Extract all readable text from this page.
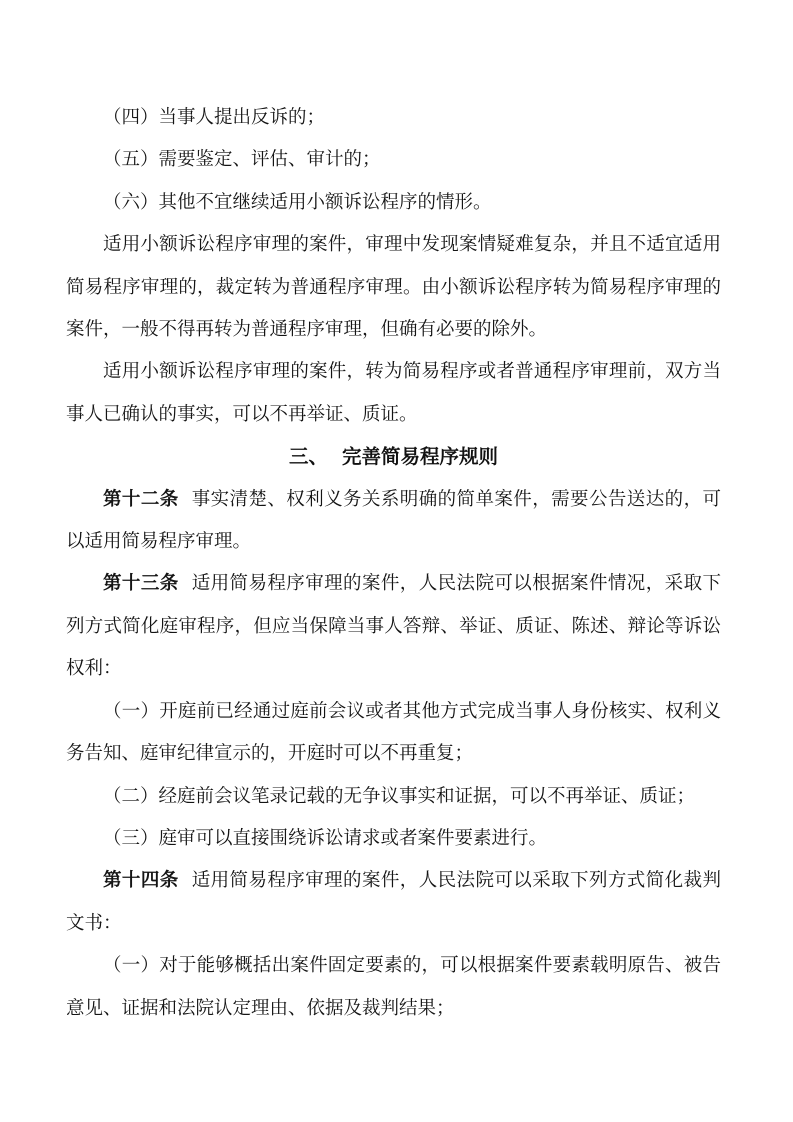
（四）当事人提出反诉的；
（五）需要鉴定、评估、审计的；
（六）其他不宜继续适用小额诉讼程序的情形。
适用小额诉讼程序审理的案件，审理中发现案情疑难复杂，并且不适宜适用
简易程序审理的，裁定转为普通程序审理。由小额诉讼程序转为简易程序审理的
案件，一般不得再转为普通程序审理，但确有必要的除外。
适用小额诉讼程序审理的案件，转为简易程序或者普通程序审理前，双方当
事人已确认的事实，可以不再举证、质证。
三、 完善简易程序规则
第十二条 事实清楚、权利义务关系明确的简单案件，需要公告送达的，可
以适用简易程序审理。
第十三条 适用简易程序审理的案件，人民法院可以根据案件情况，采取下
列方式简化庭审程序，但应当保障当事人答辩、举证、质证、陈述、辩论等诉讼
权利：
（一）开庭前已经通过庭前会议或者其他方式完成当事人身份核实、权利义
务告知、庭审纪律宣示的，开庭时可以不再重复；
（二）经庭前会议笔录记载的无争议事实和证据，可以不再举证、质证；
（三）庭审可以直接围绕诉讼请求或者案件要素进行。
第十四条 适用简易程序审理的案件，人民法院可以采取下列方式简化裁判
文书：
（一）对于能够概括出案件固定要素的，可以根据案件要素载明原告、被告
意见、证据和法院认定理由、依据及裁判结果；
